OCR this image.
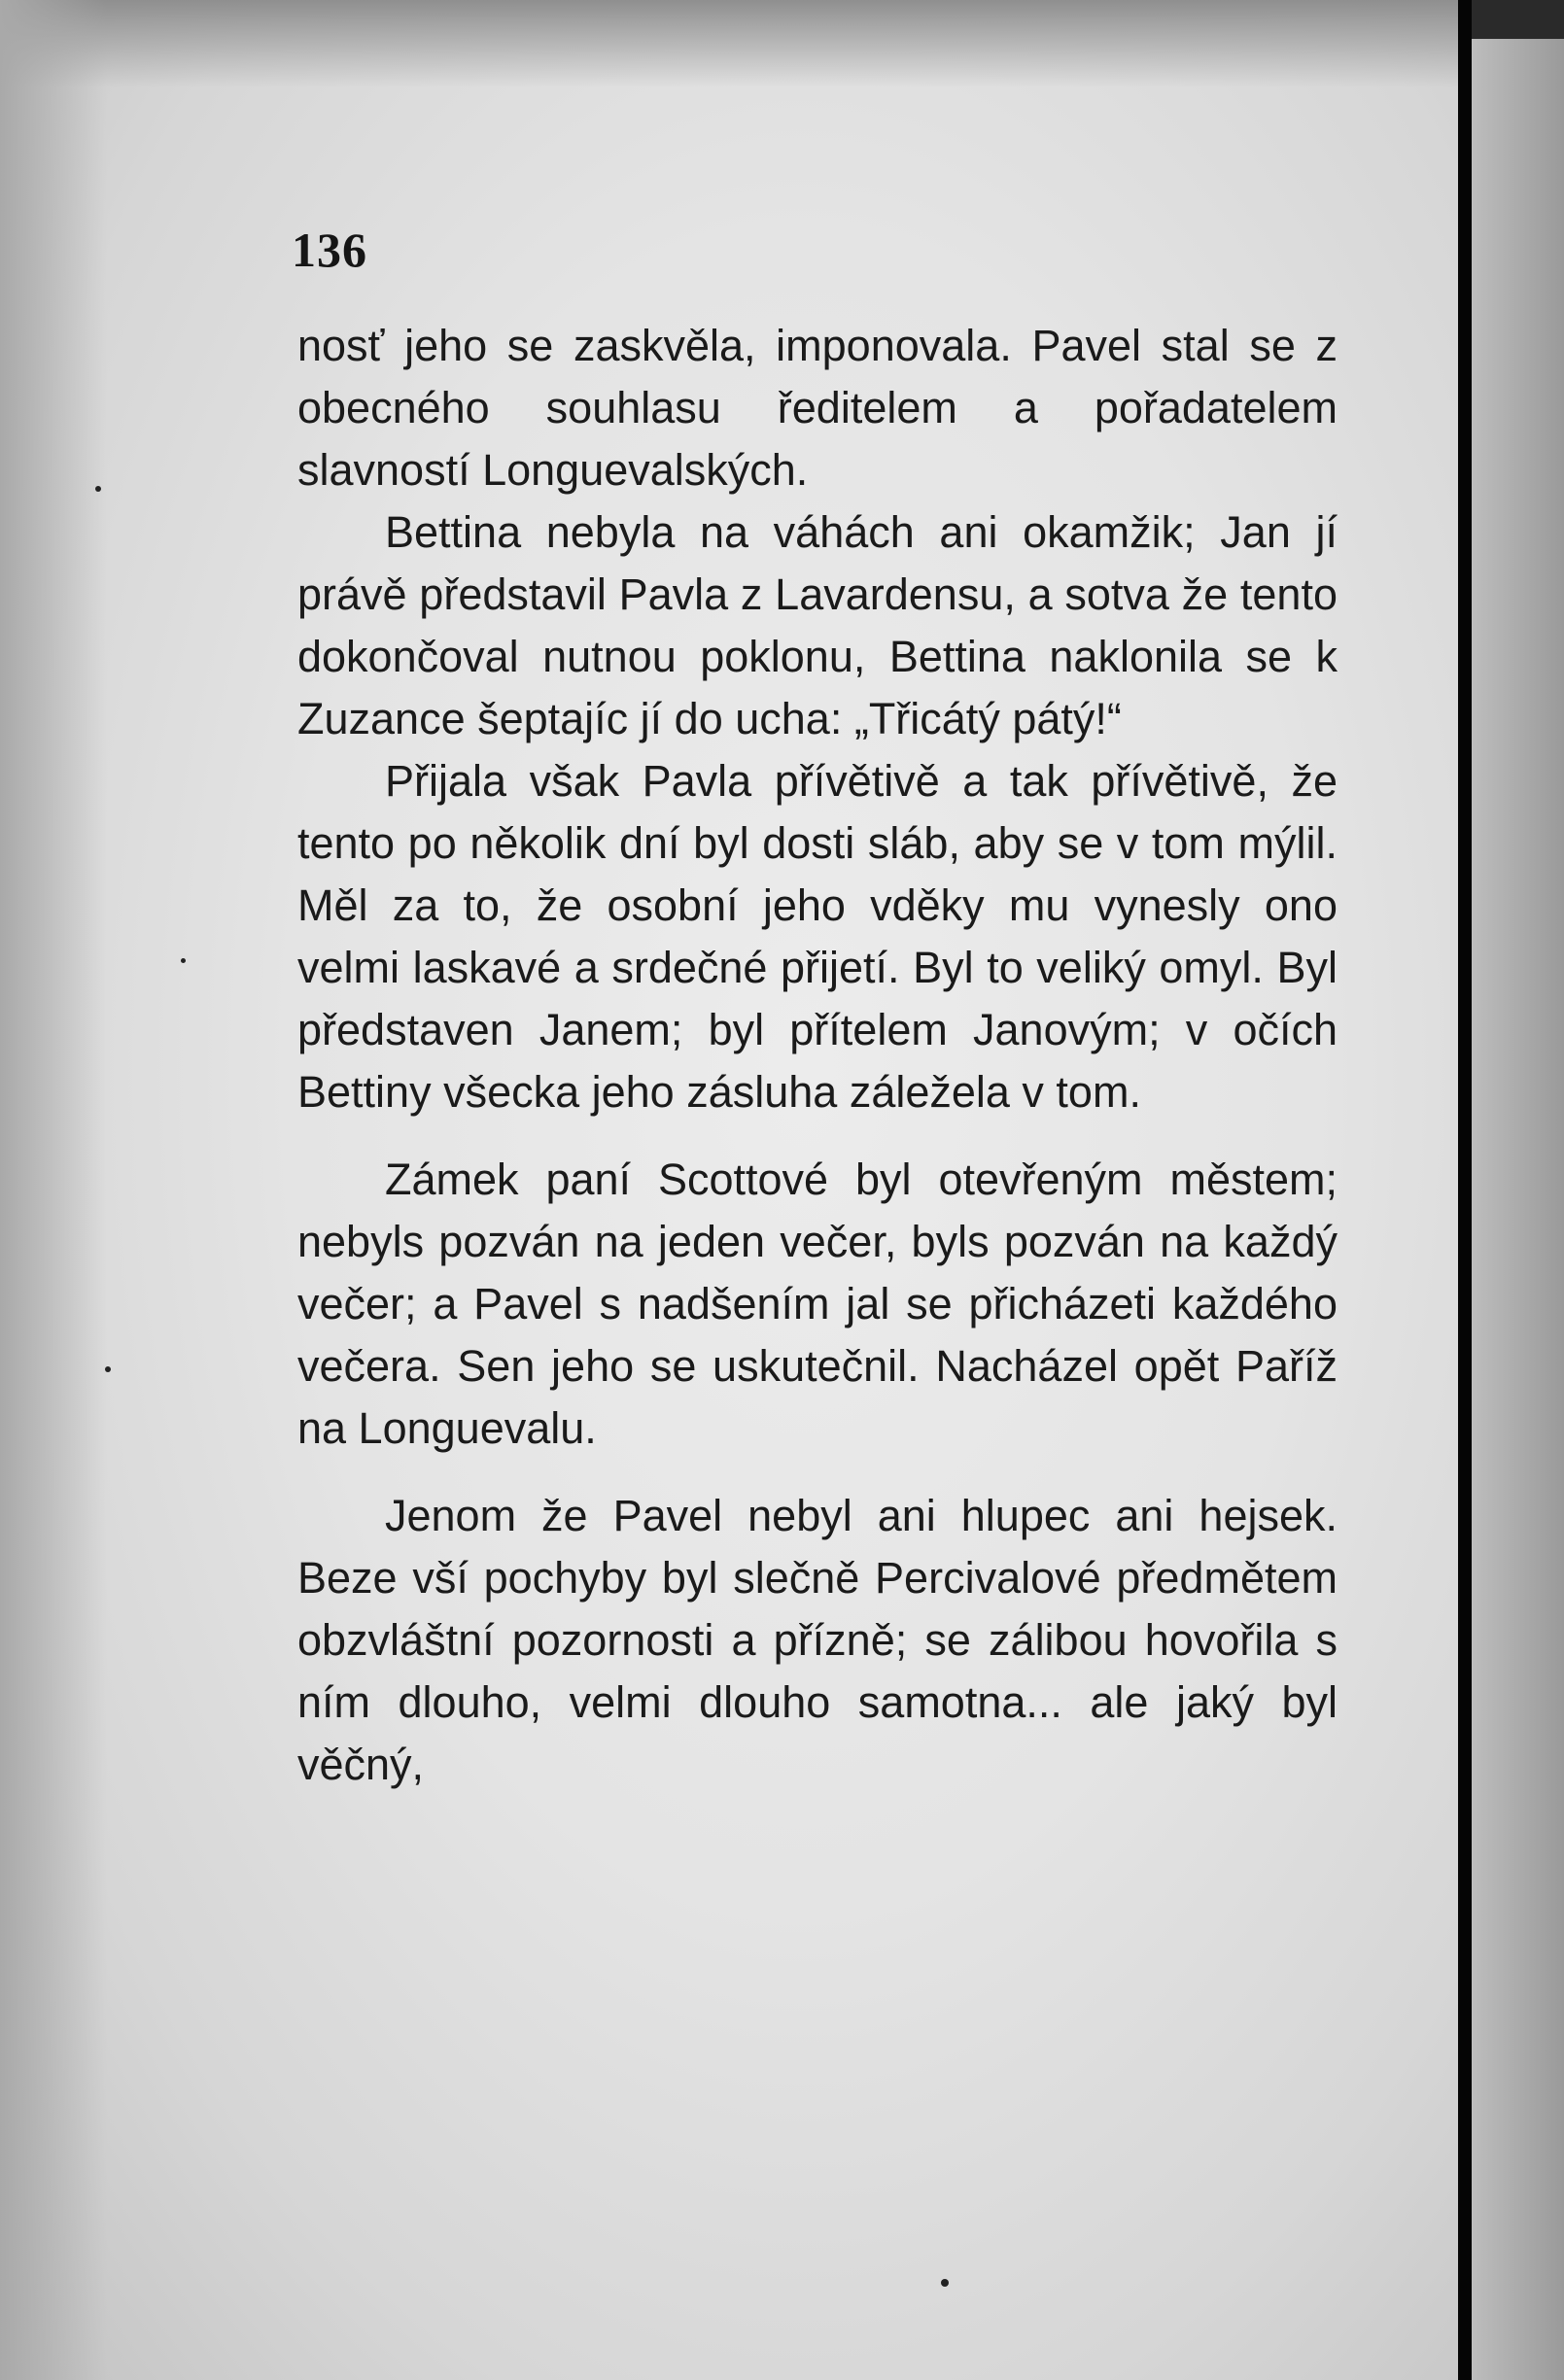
136

nosť jeho se zaskvěla, imponovala. Pavel stal se z obecného souhlasu ředitelem a pořadatelem slavností Longuevalských.

Bettina nebyla na váhách ani okamžik; Jan jí právě představil Pavla z Lavardensu, a sotva že tento dokončoval nutnou poklonu, Bettina naklonila se k Zuzance šeptajíc jí do ucha: „Třicátý pátý!“

Přijala však Pavla přívětivě a tak přívětivě, že tento po několik dní byl dosti sláb, aby se v tom mýlil. Měl za to, že osobní jeho vděky mu vynesly ono velmi laskavé a srdečné přijetí. Byl to veliký omyl. Byl představen Janem; byl přítelem Janovým; v očích Bettiny všecka jeho zásluha záležela v tom.

Zámek paní Scottové byl otevřeným městem; nebyls pozván na jeden večer, byls pozván na každý večer; a Pavel s nadšením jal se přicházeti každého večera. Sen jeho se uskutečnil. Nacházel opět Paříž na Longuevalu.

Jenom že Pavel nebyl ani hlupec ani hejsek. Beze vší pochyby byl slečně Percivalové předmětem obzvláštní pozornosti a přízně; se zálibou hovořila s ním dlouho, velmi dlouho samotna... ale jaký byl věčný,
